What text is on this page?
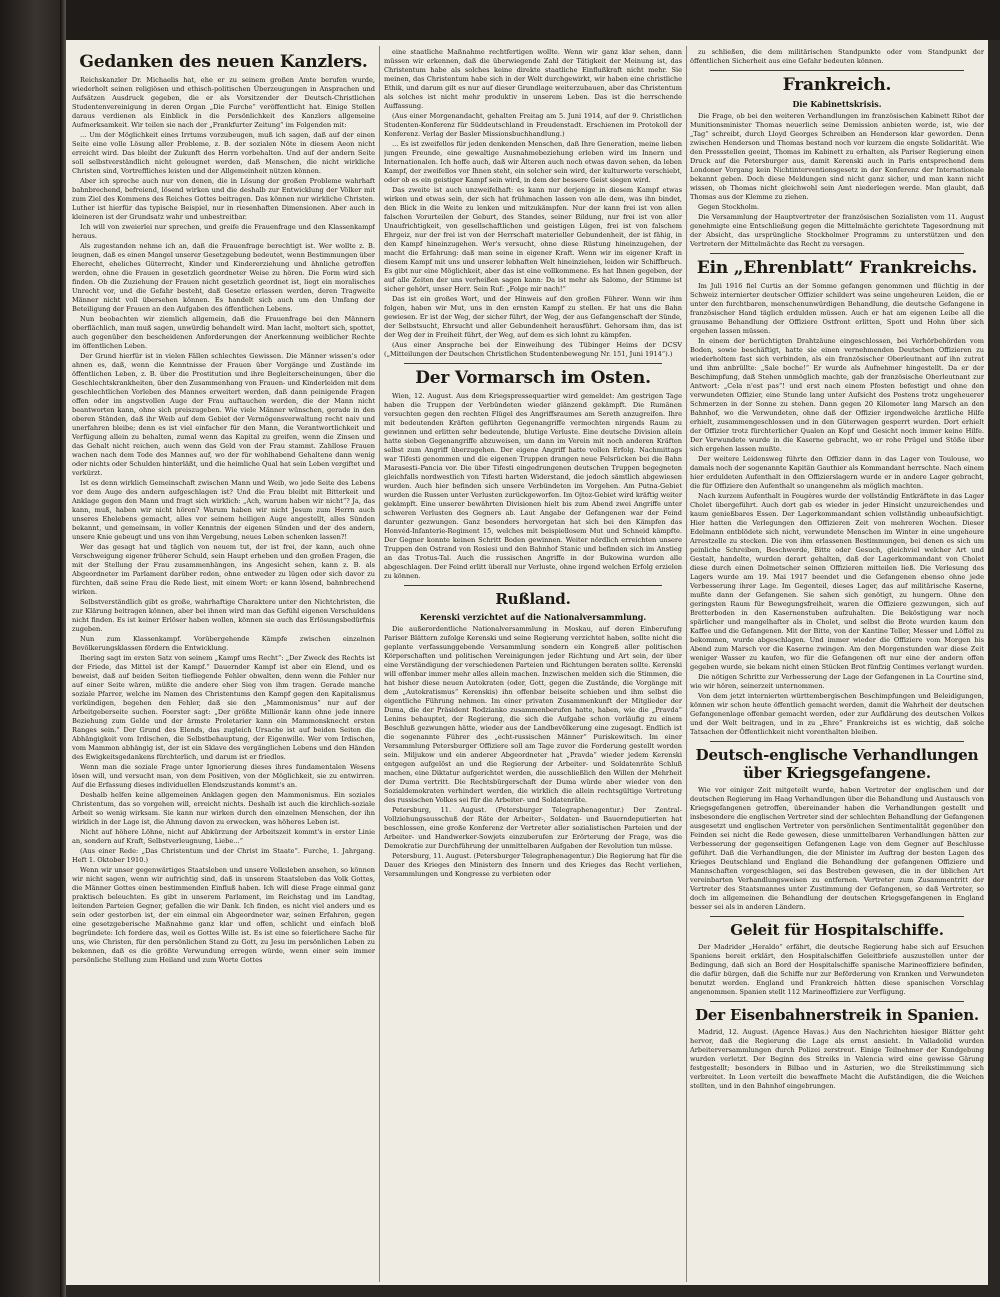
Gedanken des neuen Kanzlers.

Reichskanzler Dr. Michaelis hat, ehe er zu seinem großen Amte berufen wurde, wiederholt seinen religiösen und ethisch-politischen Überzeugungen in Ansprachen und Aufsätzen Ausdruck gegeben, die er als Vorsitzender der Deutsch-Christlichen Studentenvereinigung in deren Organ „Die Furche“ veröffentlicht hat. Einige Stellen daraus verdienen als Einblick in die Persönlichkeit des Kanzlers allgemeine Aufmerksamkeit. Wir teilen sie nach der „Frankfurter Zeitung“ im Folgenden mit:

... Um der Möglichkeit eines Irrtums vorzubeugen, muß ich sagen, daß auf der einen Seite eine volle Lösung aller Probleme, z. B. der sozialen Nöte in diesem Aeon nicht erreicht wird. Das bleibt der Zukunft des Herrn vorbehalten. Und auf der andern Seite soll selbstverständlich nicht geleugnet werden, daß Menschen, die nicht wirkliche Christen sind, Vortreffliches leisten und der Allgemeinheit nützen können.

Aber ich spreche auch nur von denen, die in Lösung der großen Probleme wahrhaft bahnbrechend, befreiend, lösend wirken und die deshalb zur Entwicklung der Völker mit zum Ziel des Kommens des Reiches Gottes beitragen. Das können nur wirkliche Christen. Luther ist hierfür das typische Beispiel, nur in riesenhaften Dimensionen. Aber auch in kleineren ist der Grundsatz wahr und unbestreitbar.

Ich will von zweierlei nur sprechen, und greife die Frauenfrage und den Klassenkampf heraus.

Als zugestanden nehme ich an, daß die Frauenfrage berechtigt ist. Wer wollte z. B. leugnen, daß es einen Mangel unserer Gesetzgebung bedeutet, wenn Bestimmungen über Eherecht, eheliches Güterrecht, Kinder und Kindererziehung und ähnliche getroffen werden, ohne die Frauen in gesetzlich geordneter Weise zu hören. Die Form wird sich finden. Ob die Zuziehung der Frauen nicht gesetzlich geordnet ist, liegt ein moralisches Unrecht vor, und die Gefahr besteht, daß Gesetze erlassen werden, deren Tragweite Männer nicht voll übersehen können. Es handelt sich auch um den Umfang der Beteiligung der Frauen an den Aufgaben des öffentlichen Lebens.

Nun beobachten wir ziemlich allgemein, daß die Frauenfrage bei den Männern oberflächlich, man muß sagen, unwürdig behandelt wird. Man lacht, moltert sich, spottet, auch gegenüber den bescheidenen Anforderungen der Anerkennung weiblicher Rechte im öffentlichen Leben.

Der Grund hierfür ist in vielen Fällen schlechtes Gewissen. Die Männer wissen's oder ahnen es, daß, wenn die Kenntnisse der Frauen über Vorgänge und Zustände im öffentlichen Leben, z. B. über die Prostitution und ihre Begleiterscheinungen, über die Geschlechtskrankheiten, über den Zusammenhang von Frauen- und Kinderleiden mit dem geschlechtlichen Vorleben des Mannes erweitert werden, daß dann peinigende Fragen offen oder im angstvollen Auge der Frau auftauchen werden, die der Mann nicht beantworten kann, ohne sich preiszugeben. Wie viele Männer wünschen, gerade in den oberen Ständen, daß ihr Weib auf dem Gebiet der Vermögensverwaltung recht naiv und unerfahren bleibe; denn es ist viel einfacher für den Mann, die Verantwortlichkeit und Verfügung allein zu behalten, zumal wenn das Kapital zu greifen, wenn die Zinsen und das Gehalt nicht reichen, auch wenn das Geld von der Frau stammt. Zahllose Frauen wachen nach dem Tode des Mannes auf, wo der für wohlhabend Gehaltene dann wenig oder nichts oder Schulden hinterläßt, und die heimliche Qual hat sein Leben vergiftet und verkürzt.

Ist es denn wirklich Gemeinschaft zwischen Mann und Weib, wo jede Seite des Lebens vor dem Auge des andern aufgeschlagen ist? Und die Frau bleibt mit Bitterkeit und Anklage gegen den Mann und fragt sich wirklich: „Ach, warum haben wir nicht“? Ja, das kann, muß, haben wir nicht hören? Warum haben wir nicht Jesum zum Herrn auch unseres Ehelebens gemacht, alles vor seinem heiligen Auge angestellt, alles Sünden bekannt, und gemeinsam, in voller Kenntnis der eigenen Sünden und der des andern, unsere Knie gebeugt und uns von ihm Vergebung, neues Leben schenken lassen?!

Wer das gesagt hat und täglich von neuem tut, der ist frei, der kann, auch ohne Verschweigung eigener früherer Schuld, sein Haupt erheben und den großen Fragen, die mit der Stellung der Frau zusammenhängen, ins Angesicht sehen, kann z. B. als Abgeordneter im Parlament darüber reden, ohne entweder zu lügen oder sich davor zu fürchten, daß seine Frau die Rede liest, mit einem Wort: er kann lösend, bahnbrechend wirken.

Selbstverständlich gibt es große, wahrhaftige Charaktere unter den Nichtchristen, die zur Klärung beitragen können, aber bei ihnen wird man das Gefühl eigenen Verschuldens nicht finden. Es ist keiner Erlöser haben wollen, können sie auch das Erlösungsbedürfnis zugeben.

Nun zum Klassenkampf. Vorübergehende Kämpfe zwischen einzelnen Bevölkerungsklassen fördern die Entwicklung.

Ibering sagt im ersten Satz von seinem „Kampf ums Recht“: „Der Zweck des Rechts ist der Friede, das Mittel ist der Kampf.“ Dauernder Kampf ist aber ein Elend, und es beweist, daß auf beiden Seiten tiefliegende Fehler obwalten, denn wenn die Fehler nur auf einer Seite wären, müßte die andere eher Sieg von ihm tragen. Gerade manche soziale Pfarrer, welche im Namen des Christentums den Kampf gegen den Kapitalismus verkündigen, begehen den Fehler, daß sie den „Mammonismus“ nur auf der Arbeitgeberseite suchen. Foerster sagt: „Der größte Millionär kann ohne jede innere Beziehung zum Gelde und der ärmste Proletarier kann ein Mammonsknecht ersten Ranges sein.“ Der Grund des Elends, das zugleich Ursache ist auf beiden Seiten die Abhängigkeit vom Irdischen, die Selbstbehauptung, der Eigenwille. Wer vom Irdischen, vom Mammon abhängig ist, der ist ein Sklave des vergänglichen Lebens und den Händen des Ewigkeitsgedankens fürchterlich, und darum ist er friedlos.

Wenn man die soziale Frage unter Ignorierung dieses ihres fundamentalen Wesens lösen will, und versucht man, von dem Positiven, von der Möglichkeit, sie zu entwirren. Auf die Erfassung dieses individuellen Elendszustands kommt's an.

Deshalb helfen keine allgemeinen Anklagen gegen den Mammonismus. Ein soziales Christentum, das so vorgehen will, erreicht nichts. Deshalb ist auch die kirchlich-soziale Arbeit so wenig wirksam. Sie kann nur wirken durch den einzelnen Menschen, der ihn wirklich in der Lage ist, die Ahnung davon zu erwecken, was höheres Leben ist.

Nicht auf höhere Löhne, nicht auf Abkürzung der Arbeitszeit kommt's in erster Linie an, sondern auf Kraft, Selbstverleugnung, Liebe...“

(Aus einer Rede: „Das Christentum und der Christ im Staate“. Furche, 1. Jahrgang. Heft 1. Oktober 1910.)

Wenn wir unser gegenwärtiges Staatsleben und unsere Volksleben ansehen, so können wir nicht sagen, wenn wir aufrichtig sind, daß in unserem Staatsleben das Volk Gottes, die Männer Gottes einen bestimmenden Einfluß haben. Ich will diese Frage einmal ganz praktisch beleuchten. Es gibt in unserem Parlament, im Reichstag und im Landtag, leitenden Parteien Gegner, gefallen die wir Dank. Ich finden, es nicht viel anders und es sein oder gestorben ist, der ein einmal ein Abgeordneter war, seinen Erfahren, gegen eine gesetzgeberische Maßnahme ganz klar und offen, schlicht und einfach bloß begründete: Ich fordere das, weil es Gottes Wille ist. Es ist eine so feierlichere Sache für uns, wie Christen, für den persönlichen Stand zu Gott, zu Jesu im persönlichen Leben zu bekennen, daß es die größte Verwundung erregen würde, wenn einer sein immer persönliche Stellung zum Heiland und zum Worte Gottes

eine staatliche Maßnahme rechtfertigen wollte. Wenn wir ganz klar sehen, dann müssen wir erkennen, daß die überwiegende Zahl der Tätigkeit der Meinung ist, das Christentum habe als solches keine direkte staatliche Einflußkraft nicht mehr. Sie meinen, das Christentum habe sich in der Welt durchgewirkt, wir haben eine christliche Ethik, und darum gilt es nur auf dieser Grundlage weiterzubauen, aber das Christentum als solches ist nicht mehr produktiv in unserem Leben. Das ist die herrschende Auffassung.

(Aus einer Morgenandacht, gehalten Freitag am 5. Juni 1914, auf der 9. Christlichen Studenten-Konferenz für Süddeutschland in Freudenstadt. Erschienen im Protokoll der Konferenz. Verlag der Basler Missionsbuchhandlung.)

... Es ist zweifellos für jeden denkenden Menschen, daß Ihre Generation, meine lieben jungen Freunde, eine gewaltige Ausnahmebeziehung erleben wird im Innern und Internationalen. Ich hoffe auch, daß wir Älteren auch noch etwas davon sehen, da leben Kampf, der zweifellos vor Ihnen steht, ein solcher sein wird, der kulturwerte verschiebt, oder ob es ein geistiger Kampf sein wird, in dem der bessere Geist siegen wird.

Das zweite ist auch unzweifelhaft: es kann nur derjenige in diesem Kampf etwas wirken und etwas sein, der sich hat frühmachen lassen von alle dem, was ihn bindet, den Blick in die Weite zu lenken und mitzukämpfen. Nur der kann frei ist von allen falschen Vorurteilen der Geburt, des Standes, seiner Bildung, nur frei ist von aller Unaufrichtigkeit, von gesellschaftlichen und geistigen Lügen, frei ist von falschem Ehrgeiz, nur der frei ist von der Herrschaft materieller Gebundenheit, der ist fähig, in den Kampf hineinzugehen. Wer's versucht, ohne diese Rüstung hineinzugehen, der macht die Erfahrung: daß man seine in eigener Kraft. Wenn wir im eigener Kraft in diesem Kampf mit uns und unserer lebhaften Welt hineinziehen, leiden wir Schiffbruch. Es gibt nur eine Möglichkeit, aber das ist eine vollkommene. Es hat Ihnen gegeben, der auf alle Zeiten der uns verheißen sagen kann: Da ist mehr als Salomo, der Stimme ist sicher gehört, unser Herr. Sein Ruf: „Folge mir nach!“

Das ist ein großes Wort, und der Hinweis auf den großen Führer. Wenn wir ihm folgen, haben wir Mut, uns in den ernsten Kampf zu stellen. Er hat uns die Bahn gewiesen. Er ist der Weg, der sicher führt, der Weg, der aus Gefangenschaft der Sünde, der Selbstsucht, Ehrsucht und aller Gebundenheit herausführt. Gehorsam ihm, das ist der Weg der in Freiheit führt, der Weg, auf dem es sich lohnt zu kämpfen.

(Aus einer Ansprache bei der Einweihung des Tübinger Heims der DCSV („Mitteilungen der Deutschen Christlichen Studentenbewegung Nr. 151, Juni 1914“).)

Der Vormarsch im Osten.

Wien, 12. August. Aus dem Kriegspressequartier wird gemeldet: Am gestrigen Tage haben die Truppen der Verbündeten wieder glänzend gekämpft. Die Rumänen versuchten gegen den rechten Flügel des Angriffsraumes am Sereth anzugreifen. Ihre mit bedeutenden Kräften geführten Gegenangriffe vermochten nirgends Raum zu gewinnen und erlitten sehr bedeutende, blutige Verluste. Eine deutsche Division allein hatte sieben Gegenangriffe abzuweisen, um dann im Verein mit noch anderen Kräften selbst zum Angriff überzugehen. Der eigene Angriff hatte vollen Erfolg. Nachmittags war Tifesti genommen und die eigenen Truppen drangen neue Felsrücken bei die Bahn Marasesti–Pancia vor. Die über Tifesti eingedrungenen deutschen Truppen begegneten gleichfalls nordwestlich von Tifesti harten Widerstand, die jedoch sämtlich abgewiesen wurden. Auch hier befinden sich unsere Verbündeten im Vorgehen. Am Putna-Gebiet wurden die Russen unter Verlusten zurückgeworfen. Im Ojtoz-Gebiet wird kräftig weiter gekämpft. Eine unserer bewährten Divisionen hielt bis zum Abend zwei Angriffe unter schweren Verlusten des Gegners ab. Laut Angabe der Gefangenen war der Feind darunter gezwungen. Ganz besonders hervorgetan hat sich bei den Kämpfen das Honvéd-Infanterie-Regiment 15, welches mit beispiellosem Mut und Schneid kämpfte. Der Gegner konnte keinen Schritt Boden gewinnen. Weiter nördlich erreichten unsere Truppen den Ostrand von Rosiesi und den Bahnhof Stanic und befinden sich im Anstieg an das Trotus-Tal. Auch die russischen Angriffe in der Bukowina wurden alle abgeschlagen. Der Feind erlitt überall nur Verluste, ohne irgend welchen Erfolg erzielen zu können.

Rußland.
Kerenski verzichtet auf die Nationalversammlung.

Die außerordentliche Nationalversammlung in Moskau, auf deren Einberufung Pariser Blättern zufolge Kerenski und seine Regierung verzichtet haben, sollte nicht die geplante verfassunggebende Versammlung sondern ein Kongreß aller politischen Körperschaften und politischen Vereinigungen jeder Richtung und Art sein, der über eine Verständigung der verschiedenen Parteien und Richtungen beraten sollte. Kerenski will offenbar immer mehr alles allein machen. Inzwischen melden sich die Stimmen, die hat bisher diese neuen Autokraten (oder, Gott, gegen die Zustände, die Vorgänge mit dem „Autokratismus“ Kerenskis) ihn offenbar beiseite schieben und ihm selbst die eigentliche Führung nehmen. Im einer privaten Zusammenkunft der Mitglieder der Duma, die der Präsident Rodzianko zusammenberufen hatte, haben, wie die „Pravda“ Lenins behauptet, der Regierung, die sich die Aufgabe schon vorläufig zu einem Beschluß gezwungen hätte, wieder aus der Landbevölkerung eine zugesagt. Endlich ist die sogenannte Führer des „echt-russischen Männer“ Puriskewitsch. Im einer Versammlung Petersburger Offiziere soll am Tage zuvor die Forderung gestellt worden sein. Miljukow und ein anderer Abgeordneter hat „Pravda“ wieder jedem Kerenski entgegen aufgelöst an und die Regierung der Arbeiter- und Soldatenräte Schluß machen, eine Diktatur aufgerichtet werden, die ausschließlich den Willen der Mehrheit der Duma vertritt. Die Rechtsbürgerschaft der Duma würde aber wieder von den Sozialdemokraten verhindert werden, die wirklich die allein rechtsgültige Vertretung des russischen Volkes sei für die Arbeiter- und Soldatenräte.

Petersburg, 11. August. (Petersburger Telegraphenagentur.) Der Zentral-Vollziehungsausschuß der Räte der Arbeiter-, Soldaten- und Bauerndeputierten hat beschlossen, eine große Konferenz der Vertreter aller sozialistischen Parteien und der Arbeiter- und Handwerker-Sowjets einzuberufen zur Erörterung der Frage, was die Demokratie zur Durchführung der unmittelbaren Aufgaben der Revolution tun müsse.

Petersburg, 11. August. (Petersburger Telegraphenagentur.) Die Regierung hat für die Dauer des Krieges den Ministern des Innern und des Krieges das Recht verliehen, Versammlungen und Kongresse zu verbieten oder

zu schließen, die dem militärischen Standpunkte oder vom Standpunkt der öffentlichen Sicherheit aus eine Gefahr bedeuten können.

Frankreich.
Die Kabinettskrisis.

Die Frage, ob bei den weiteren Verhandlungen im französischen Kabinett Ribot der Munitionsminister Thomas neuerlich seine Demission anbieten werde, ist, wie der „Tag“ schreibt, durch Lloyd Georges Schreiben an Henderson klar geworden. Denn zwischen Henderson und Thomas bestand noch vor kurzem die engste Solidarität. Wie den Pressstellen geeint, Thomas im Kabinett zu erhalten, als Pariser Regierung einen Druck auf die Petersburger aus, damit Kerenski auch in Paris entsprechend dem Londoner Vorgang kein Nichtinterventionsgesetz in der Konferenz der Internationale bekannt geben. Doch diese Meldungen sind nicht ganz sicher, und man kann nicht wissen, ob Thomas nicht gleichwohl sein Amt niederlegen werde. Man glaubt, daß Thomas aus der Klemme zu ziehen.

Gegen Stockholm.

Die Versammlung der Hauptvertreter der französischen Sozialisten vom 11. August genehmigte eine Entschließung gegen die Mittelmächte gerichtete Tagesordnung mit der Absicht, das ursprüngliche Stockholmer Programm zu unterstützen und den Vertretern der Mittelmächte das Recht zu versagen.

Ein „Ehrenblatt“ Frankreichs.

Im Juli 1916 fiel Curtis an der Somme gefangen genommen und flüchtig in der Schweiz internierter deutscher Offizier schildert was seine ungeheuren Leiden, die er unter den furchtbaren, menschenunwürdigen Behandlung, die deutsche Gefangene in französischer Hand täglich erdulden müssen. Auch er hat am eigenen Leibe all die grausame Behandlung der Offiziere Ostfront erlitten, Spott und Hohn über sich ergehen lassen müssen.

In einem der berüchtigten Drahtzäune eingeschlossen, bei Verhörbehörden vom Boden, sowie beschäftigt, hatte sie einen vernehmenden Deutschen Offizieren zu wiederholtem fast sich verbinden, als ein französischer Oberleutnant auf ihn zutrat und ihm anbrüllte: „Sale boche!“ Er wurde als Aufnehmer hingestellt. Da er der Beschimpfung, daß Stehen unmöglich machte, gab der französische Oberleutnant zur Antwort: „Cela n'est pas“! und erst nach einem Pfosten befestigt und ohne den verwundeten Offizier, eine Stunde lang unter Aufsicht des Postens trotz ungeheuerer Schmerzen in der Sonne zu stehen. Dann gegen 20 Kilometer lang Marsch an den Bahnhof, wo die Verwundeten, ohne daß der Offizier irgendwelche ärztliche Hilfe erhielt, zusammengeschlossen und in den Güterwagen gesperrt wurden. Dort erhielt der Offizier trotz fürchterlicher Qualen an Kopf und Gesicht noch immer keine Hilfe. Der Verwundete wurde in die Kaserne gebracht, wo er rohe Prügel und Stöße über sich ergehen lassen mußte.

Der weitere Leidensweg führte den Offizier dann in das Lager von Toulouse, wo damals noch der sogenannte Kapitän Gauthier als Kommandant herrschte. Nach einem hier erduldeten Aufenthalt in den Offizierslagern wurde er in andere Lager gebracht, die für Offiziere den Aufenthalt so unangenehm als möglich machten.

Nach kurzem Aufenthalt in Fougères wurde der vollständig Entkräftete in das Lager Cholet übergeführt. Auch dort gab es wieder in jeder Hinsicht unzureichendes und kaum genießbares Essen. Der Lagerkommandant schien vollständig unbeaufsichtigt. Hier hatten die Verlegungen den Offizieren Zeit von mehreren Wochen. Dieser Edelmann entblödete sich nicht, verwundete Menschen im Winter in eine ungeheure Arrestzelle zu stecken. Die von ihm erlassenen Bestimmungen, bei denen es sich um peinliche Schreiben, Beschwerde, Bitte oder Gesuch, gleichviel welcher Art und Gestalt, handelte, wurden derart gehalten, daß der Lagerkommandant von Cholet diese durch einen Dolmetscher seinen Offizieren mitteilen ließ. Die Verlesung des Lagers wurde am 19. Mai 1917 beendet und die Gefangenen ebenso ohne jede Verbesserung ihrer Lage. Im Gegenteil, dieses Lager, das auf militärische Kaserne, mußte dann der Gefangenen. Sie sahen sich genötigt, zu hungern. Ohne den geringsten Raum für Bewegungsfreiheit, waren die Offiziere gezwungen, sich auf Bretterboden in den Kasernenstuben aufzuhalten. Die Beköstigung war noch spärlicher und mangelhafter als in Cholet, und selbst die Brote wurden kaum den Kaffee und die Gefangenen. Mit der Bitte, von der Kantine Teller, Messer und Löffel zu bekommen, wurde abgeschlagen. Und immer wieder die Offiziere vom Morgen bis Abend zum Marsch vor die Kaserne zwingen. Am den Morgenstunden war diese Zeit weniger Wasser zu kaufen, wo für die Gefangenen oft nur eine der andern offen gegeben wurde, sie bekam nicht einen Stücken Brot fünfzig Centimes verlangt wurden.

Die nötigen Schritte zur Verbesserung der Lage der Gefangenen in La Courtine sind, wie wir hören, seinerzeit unternommen.

Von dem jetzt internierten württembergischen Beschimpfungen und Beleidigungen, können wir schon heute öffentlich gemacht werden, damit die Wahrheit der deutschen Gefangenenlage offenbar gemacht werden, oder zur Aufklärung des deutschen Volkes und der Welt beitragen, und in zu „Ehre“ Frankreichs ist es wichtig, daß solche Tatsachen der Öffentlichkeit nicht vorenthalten bleiben.

Deutsch-englische Verhandlungen über Kriegsgefangene.

Wie vor einiger Zeit mitgeteilt wurde, haben Vertreter der englischen und der deutschen Regierung im Haag Verhandlungen über die Behandlung und Austausch von Kriegsgefangenen getroffen, übereinander haben die Verhandlungen gestellt und insbesondere die englischen Vertreter sind der schlechten Behandlung der Gefangenen ausgesetzt und englischen Vertreter von persönlichen Sentimentalität gegenüber den Feinden sei nicht die Rede gewesen, diese unmittelbaren Verhandlungen hätten zur Verbesserung der gegenseitigen Gefangenen Lage von dem Gegner auf Beschlusse geführt. Daß die Verhandlungen, die der Minister im Auftrag der besten Lagen des Krieges Deutschland und England die Behandlung der gefangenen Offiziere und Mannschaften vorgeschlagen, sei das Bestreben gewesen, die in der üblichen Art vereinbarten Verhandlungsweisen zu entfernen. Vertreter zum Zusammentritt der Vertreter des Staatsmannes unter Zustimmung der Gefangenen, so daß Vertreter, so doch im allgemeinen die Behandlung der deutschen Kriegsgefangenen in England besser sei als in anderen Ländern.

Geleit für Hospitalschiffe.

Der Madrider „Heraldo“ erfährt, die deutsche Regierung habe sich auf Ersuchen Spaniens bereit erklärt, den Hospitalschiffen Geleitbriefe auszustellen unter der Bedingung, daß sich an Bord der Hospitalschiffe spanische Marineoffiziere befinden, die dafür bürgen, daß die Schiffe nur zur Beförderung von Kranken und Verwundeten benutzt werden. England und Frankreich hätten diese spanischen Vorschlag angenommen. Spanien stellt 112 Marineoffiziere zur Verfügung.

Der Eisenbahnerstreik in Spanien.

Madrid, 12. August. (Agence Havas.) Aus den Nachrichten hiesiger Blätter geht hervor, daß die Regierung die Lage als ernst ansieht. In Valladolid wurden Arbeiterversammlungen durch Polizei zerstreut. Einige Teilnehmer der Kundgebung wurden verletzt. Der Beginn des Streiks in Valencia wird eine gewisse Gärung festgestellt; besonders in Bilbao und in Asturien, wo die Streikstimmung sich verbreitet. In Leon verteilt die bewaffnete Macht die Aufständigen, die die Weichen stellten, und in den Bahnhof eingebrungen.
